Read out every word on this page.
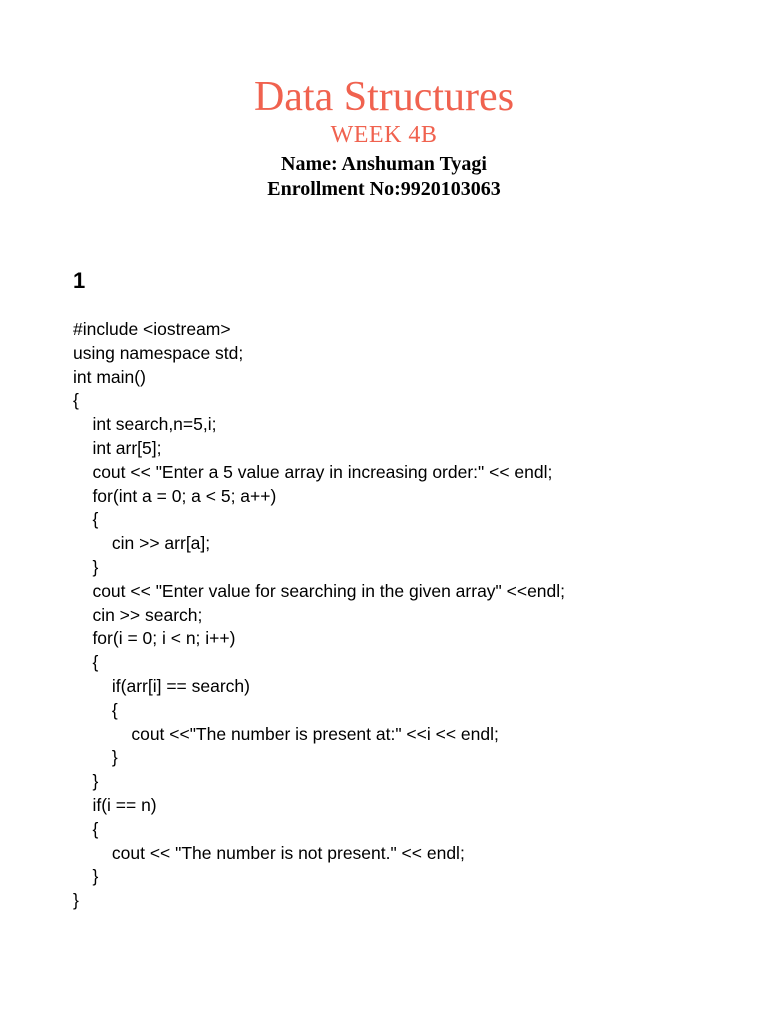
Data Structures
WEEK 4B
Name: Anshuman Tyagi
Enrollment No:9920103063
1
#include <iostream>
using namespace std;
int main()
{
int search,n=5,i;
int arr[5];
cout << "Enter a 5 value array in increasing order:" << endl;
for(int a = 0; a < 5; a++)
{
cin >> arr[a];
}
cout << "Enter value for searching in the given array" <<endl;
cin >> search;
for(i = 0; i < n; i++)
{
if(arr[i] == search)
{
cout <<"The number is present at:" <<i << endl;
}
}
if(i == n)
{
cout << "The number is not present." << endl;
}
}
